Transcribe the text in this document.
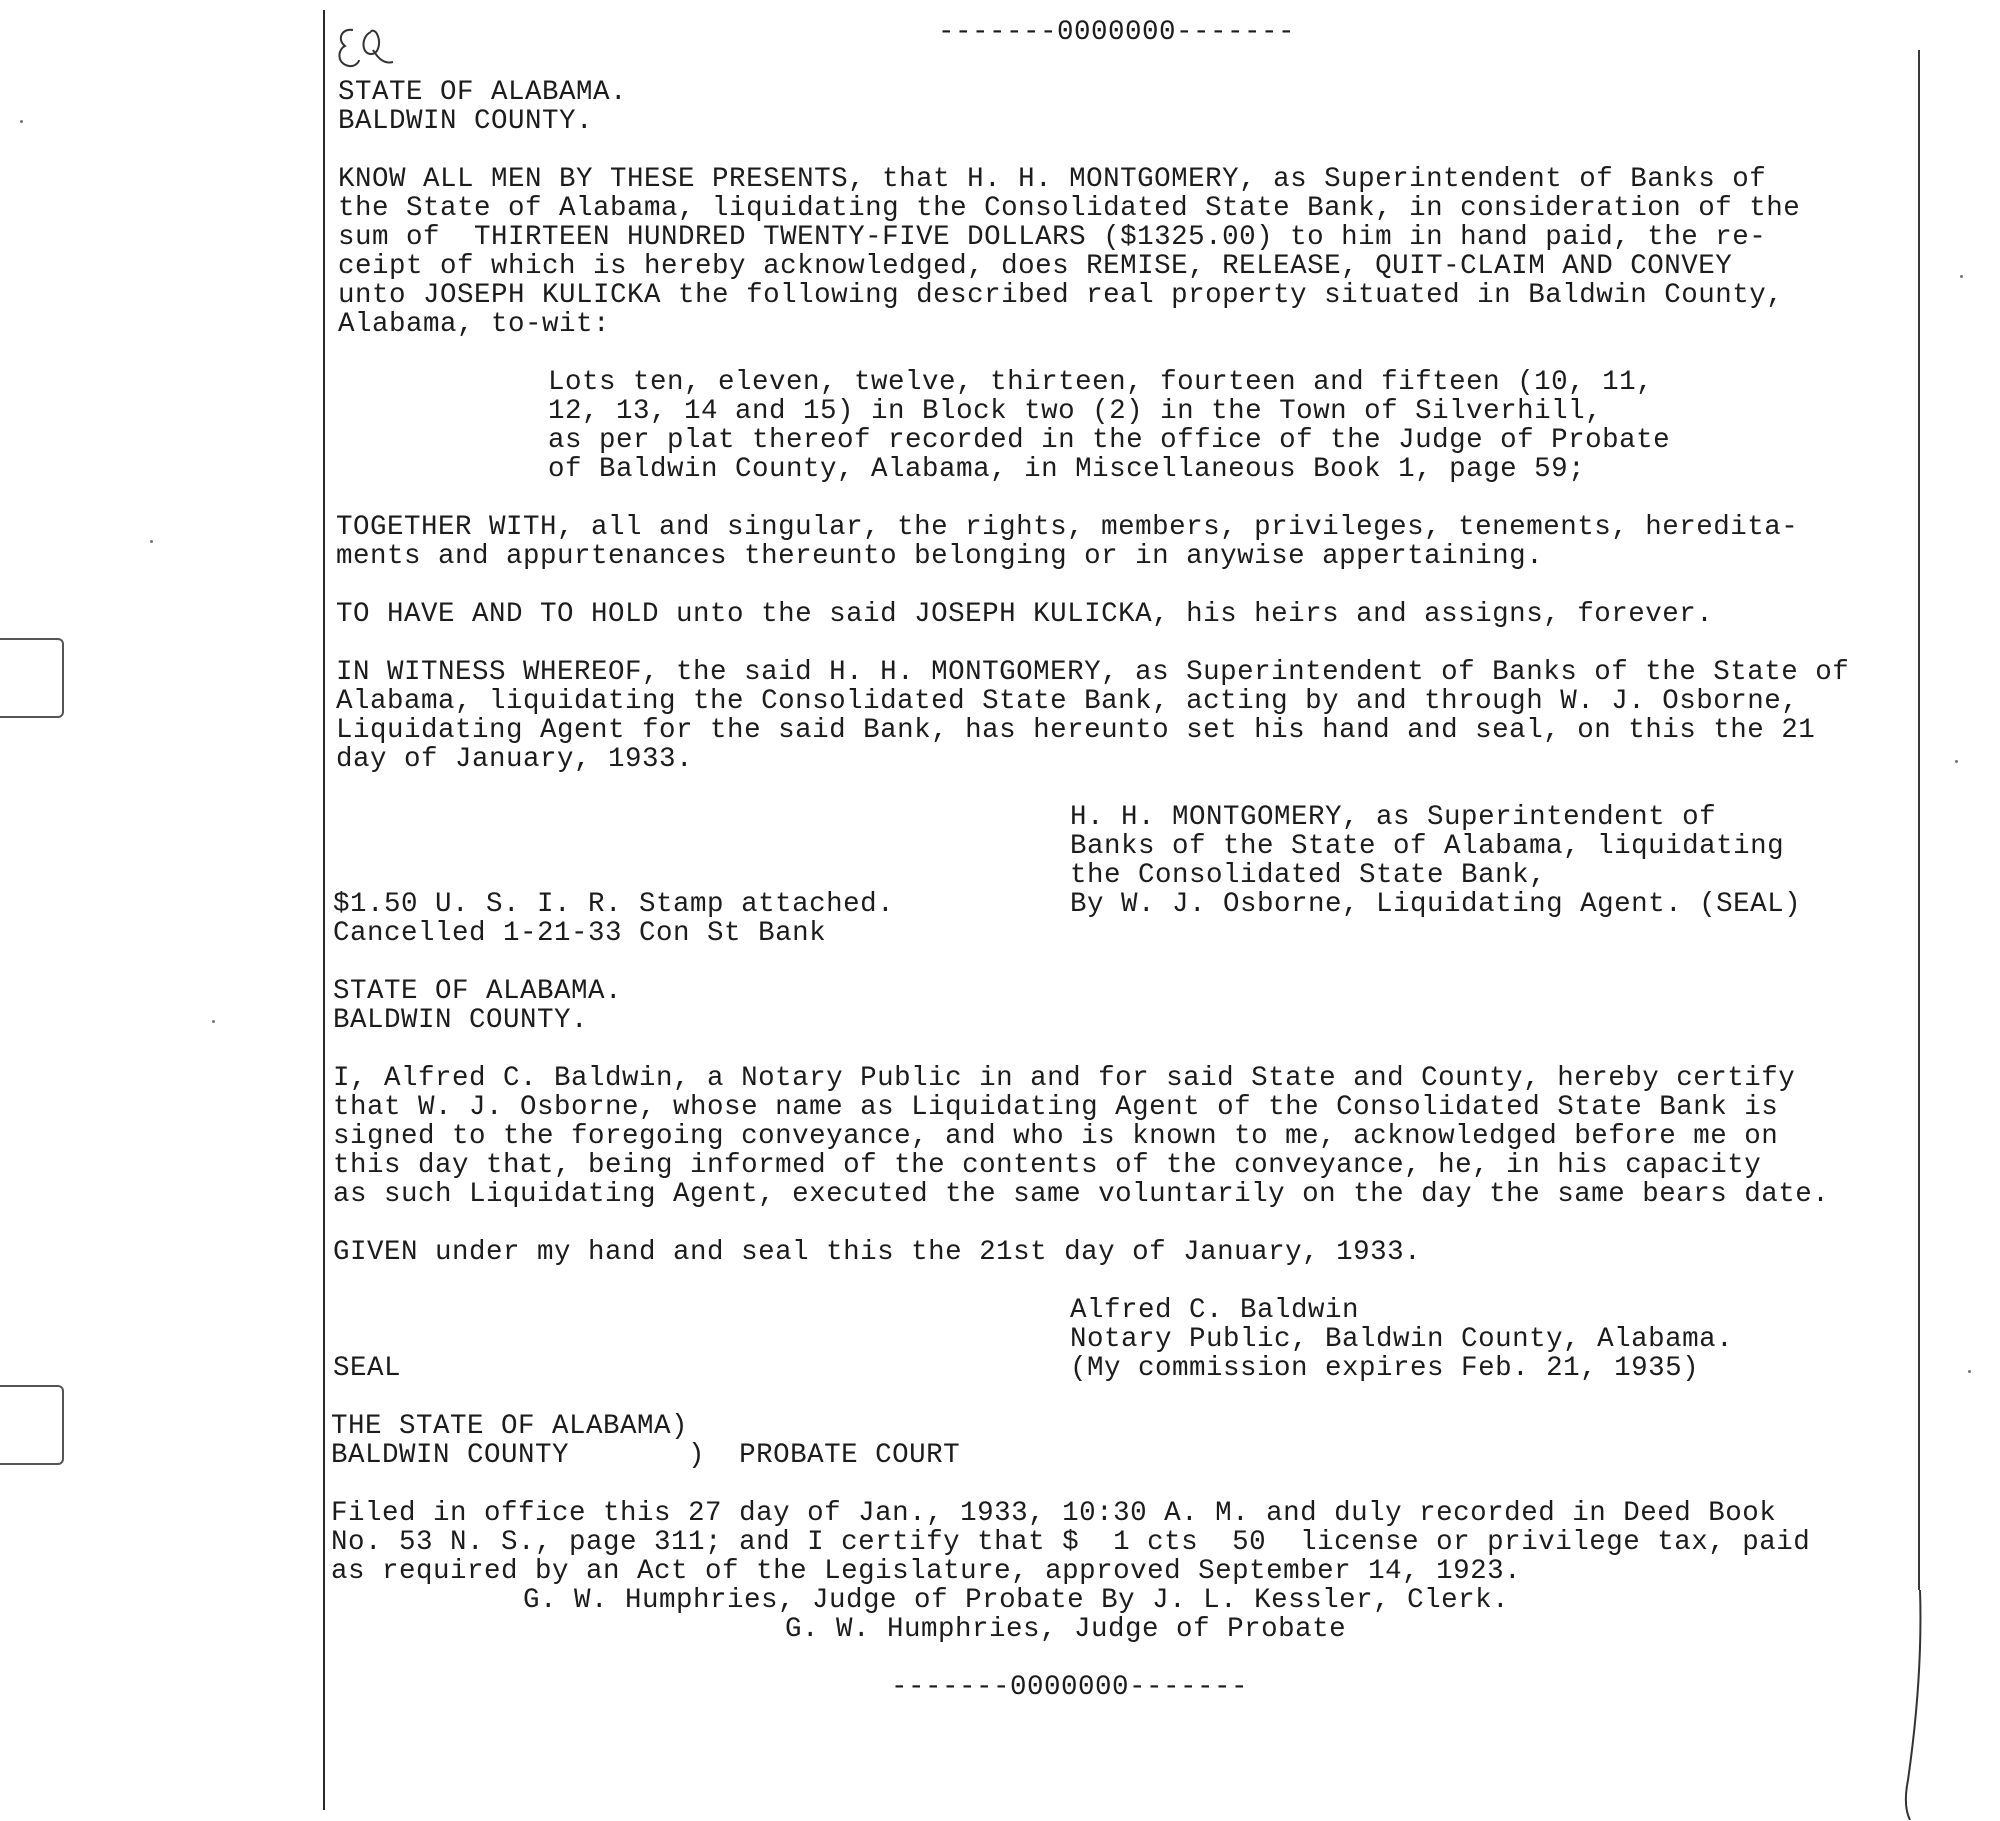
-------0000000-------
STATE OF ALABAMA.
BALDWIN COUNTY.
KNOW ALL MEN BY THESE PRESENTS, that H. H. MONTGOMERY, as Superintendent of Banks of
the State of Alabama, liquidating the Consolidated State Bank, in consideration of the
sum of  THIRTEEN HUNDRED TWENTY-FIVE DOLLARS ($1325.00) to him in hand paid, the re-
ceipt of which is hereby acknowledged, does REMISE, RELEASE, QUIT-CLAIM AND CONVEY
unto JOSEPH KULICKA the following described real property situated in Baldwin County,
Alabama, to-wit:
Lots ten, eleven, twelve, thirteen, fourteen and fifteen (10, 11,
12, 13, 14 and 15) in Block two (2) in the Town of Silverhill,
as per plat thereof recorded in the office of the Judge of Probate
of Baldwin County, Alabama, in Miscellaneous Book 1, page 59;
TOGETHER WITH, all and singular, the rights, members, privileges, tenements, heredita-
ments and appurtenances thereunto belonging or in anywise appertaining.
TO HAVE AND TO HOLD unto the said JOSEPH KULICKA, his heirs and assigns, forever.
IN WITNESS WHEREOF, the said H. H. MONTGOMERY, as Superintendent of Banks of the State of
Alabama, liquidating the Consolidated State Bank, acting by and through W. J. Osborne,
Liquidating Agent for the said Bank, has hereunto set his hand and seal, on this the 21
day of January, 1933.
H. H. MONTGOMERY, as Superintendent of
Banks of the State of Alabama, liquidating
the Consolidated State Bank,
By W. J. Osborne, Liquidating Agent. (SEAL)
$1.50 U. S. I. R. Stamp attached.
Cancelled 1-21-33 Con St Bank
STATE OF ALABAMA.
BALDWIN COUNTY.
I, Alfred C. Baldwin, a Notary Public in and for said State and County, hereby certify
that W. J. Osborne, whose name as Liquidating Agent of the Consolidated State Bank is
signed to the foregoing conveyance, and who is known to me, acknowledged before me on
this day that, being informed of the contents of the conveyance, he, in his capacity
as such Liquidating Agent, executed the same voluntarily on the day the same bears date.
GIVEN under my hand and seal this the 21st day of January, 1933.
Alfred C. Baldwin
Notary Public, Baldwin County, Alabama.
(My commission expires Feb. 21, 1935)
SEAL
THE STATE OF ALABAMA)
BALDWIN COUNTY       )  PROBATE COURT
Filed in office this 27 day of Jan., 1933, 10:30 A. M. and duly recorded in Deed Book
No. 53 N. S., page 311; and I certify that $  1 cts  50  license or privilege tax, paid
as required by an Act of the Legislature, approved September 14, 1923.
G. W. Humphries, Judge of Probate By J. L. Kessler, Clerk.
G. W. Humphries, Judge of Probate
-------0000000-------
